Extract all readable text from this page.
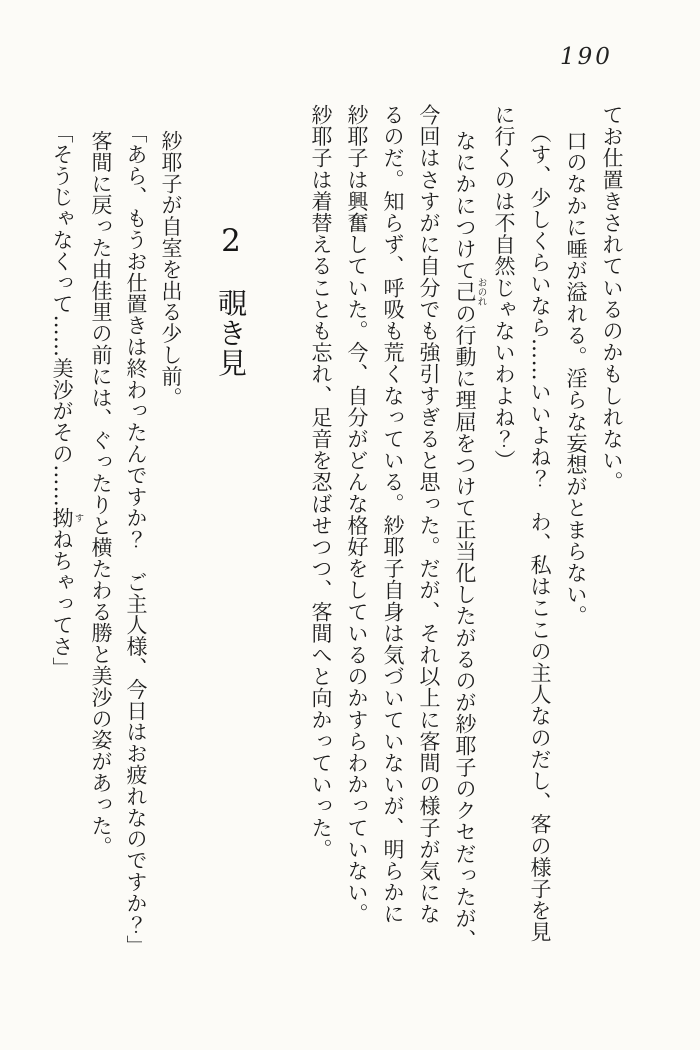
190

てお仕置きされているのかもしれない。

口のなかに唾が溢れる。淫らな妄想がとまらない。

（す、少しくらいなら……いいよね？　わ、私はここの主人なのだし、客の様子を見

に行くのは不自然じゃないわよね？）

なにかにつけて己おのれの行動に理屈をつけて正当化したがるのが紗耶子のクセだったが、

今回はさすがに自分でも強引すぎると思った。だが、それ以上に客間の様子が気にな

るのだ。知らず、呼吸も荒くなっている。紗耶子自身は気づいていないが、明らかに

紗耶子は興奮していた。今、自分がどんな格好をしているのかすらわかっていない。

紗耶子は着替えることも忘れ、足音を忍ばせつつ、客間へと向かっていった。

2覗き見

紗耶子が自室を出る少し前。

「あら、もうお仕置きは終わったんですか？　ご主人様、今日はお疲れなのですか？」

客間に戻った由佳里の前には、ぐったりと横たわる勝と美沙の姿があった。

「そうじゃなくって……美沙がその……拗すねちゃってさ」
